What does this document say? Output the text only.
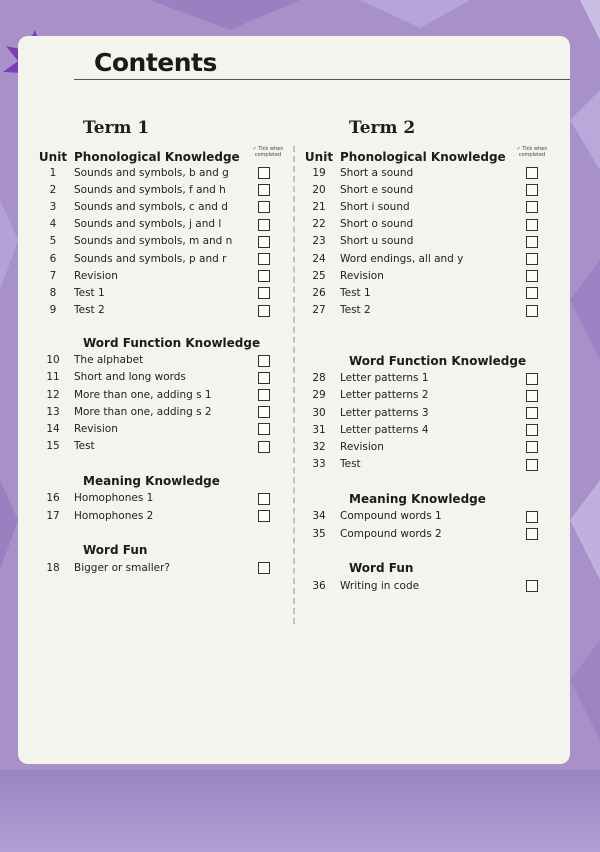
Contents
Term 1
✓ Tick when completed
Unit Phonological Knowledge
1	Sounds and symbols, b and g
2	Sounds and symbols, f and h
3	Sounds and symbols, c and d
4	Sounds and symbols, j and l
5	Sounds and symbols, m and n
6	Sounds and symbols, p and r
7	Revision
8	Test 1
9	Test 2
Word Function Knowledge
10	The alphabet
11	Short and long words
12	More than one, adding s 1
13	More than one, adding s 2
14	Revision
15	Test
Meaning Knowledge
16	Homophones 1
17	Homophones 2
Word Fun
18	Bigger or smaller?
Term 2
✓ Tick when completed
Unit Phonological Knowledge
19	Short a sound
20	Short e sound
21	Short i sound
22	Short o sound
23	Short u sound
24	Word endings, all and y
25	Revision
26	Test 1
27	Test 2
Word Function Knowledge
28	Letter patterns 1
29	Letter patterns 2
30	Letter patterns 3
31	Letter patterns 4
32	Revision
33	Test
Meaning Knowledge
34	Compound words 1
35	Compound words 2
Word Fun
36	Writing in code
